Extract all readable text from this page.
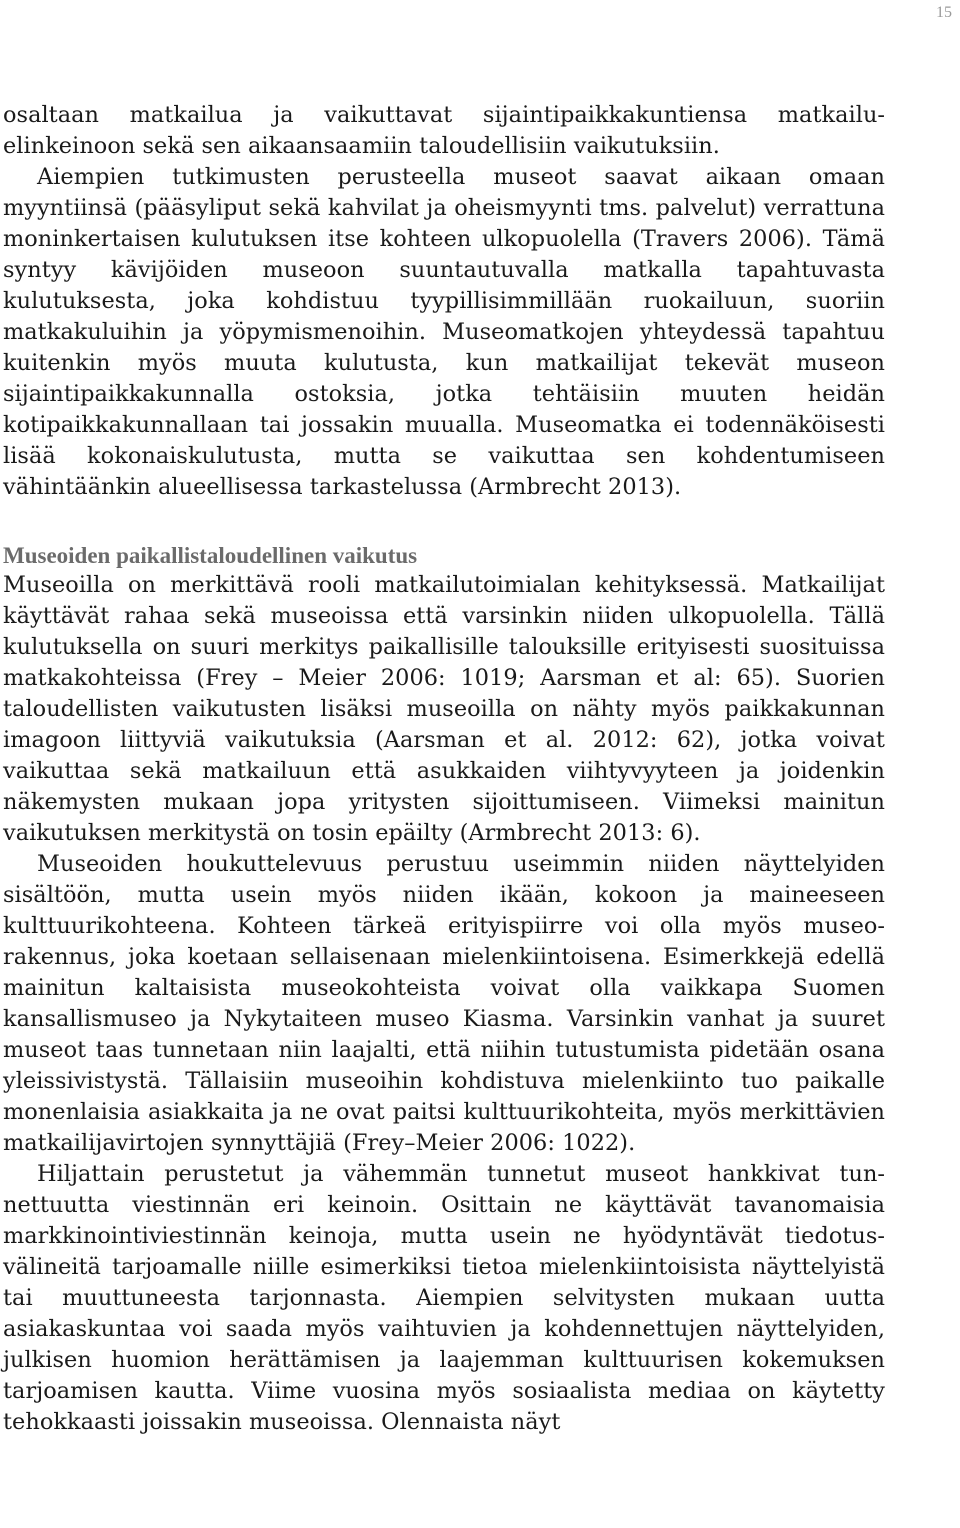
15

osaltaan matkailua ja vaikuttavat sijaintipaikkakuntiensa matkailuelinkeinoon sekä sen aikaansaamiin taloudellisiin vaikutuksiin.

Aiempien tutkimusten perusteella museot saavat aikaan omaan myyntiinsä (pääsyliput sekä kahvilat ja oheismyynti tms. palvelut) verrattuna moninkertaisen kulutuksen itse kohteen ulkopuolella (Travers 2006). Tämä syntyy kävijöiden museoon suuntautuvalla matkalla tapahtuvasta kulutuksesta, joka kohdistuu tyypillisimmillään ruokailuun, suoriin matkakuluihin ja yöpymismenoihin. Museomatkojen yhteydessä tapahtuu kuitenkin myös muuta kulutusta, kun matkailijat tekevät museon sijaintipaikkakunnalla ostoksia, jotka tehtäisiin muuten heidän kotipaikkakunnallaan tai jossakin muualla. Museomatka ei todennäköisesti lisää kokonaiskulutusta, mutta se vaikuttaa sen kohdentumiseen vähintäänkin alueellisessa tarkastelussa (Armbrecht 2013).

Museoiden paikallistaloudellinen vaikutus

Museoilla on merkittävä rooli matkailutoimialan kehityksessä. Matkailijat käyttävät rahaa sekä museoissa että varsinkin niiden ulkopuolella. Tällä kulutuksella on suuri merkitys paikallisille talouksille erityisesti suosituissa matkakohteissa (Frey – Meier 2006: 1019; Aarsman et al: 65). Suorien taloudellisten vaikutusten lisäksi museoilla on nähty myös paikkakunnan imagoon liittyviä vaikutuksia (Aarsman et al. 2012: 62), jotka voivat vaikuttaa sekä matkailuun että asukkaiden viihtyvyyteen ja joidenkin näkemysten mukaan jopa yritysten sijoittumiseen. Viimeksi mainitun vaikutuksen merkitystä on tosin epäilty (Armbrecht 2013: 6).

Museoiden houkuttelevuus perustuu useimmin niiden näyttelyiden sisältöön, mutta usein myös niiden ikään, kokoon ja maineeseen kulttuurikohteena. Kohteen tärkeä erityispiirre voi olla myös museorakennus, joka koetaan sellaisenaan mielenkiintoisena. Esimerkkejä edellä mainitun kaltaisista museokohteista voivat olla vaikkapa Suomen kansallismuseo ja Nykytaiteen museo Kiasma. Varsinkin vanhat ja suuret museot taas tunnetaan niin laajalti, että niihin tutustumista pidetään osana yleissivistystä. Tällaisiin museoihin kohdistuva mielenkiinto tuo paikalle monenlaisia asiakkaita ja ne ovat paitsi kulttuurikohteita, myös merkittävien matkailijavirtojen synnyttäjiä (Frey–Meier 2006: 1022).

Hiljattain perustetut ja vähemmän tunnetut museot hankkivat tunnettuutta viestinnän eri keinoin. Osittain ne käyttävät tavanomaisia markkinointiviestinnän keinoja, mutta usein ne hyödyntävät tiedotusvälineitä tarjoamalle niille esimerkiksi tietoa mielenkiintoisista näyttelyistä tai muuttuneesta tarjonnasta. Aiempien selvitysten mukaan uutta asiakaskuntaa voi saada myös vaihtuvien ja kohdennettujen näyttelyiden, julkisen huomion herättämisen ja laajemman kulttuurisen kokemuksen tarjoamisen kautta. Viime vuosina myös sosiaalista mediaa on käytetty tehokkaasti joissakin museoissa. Olennaista näyt
